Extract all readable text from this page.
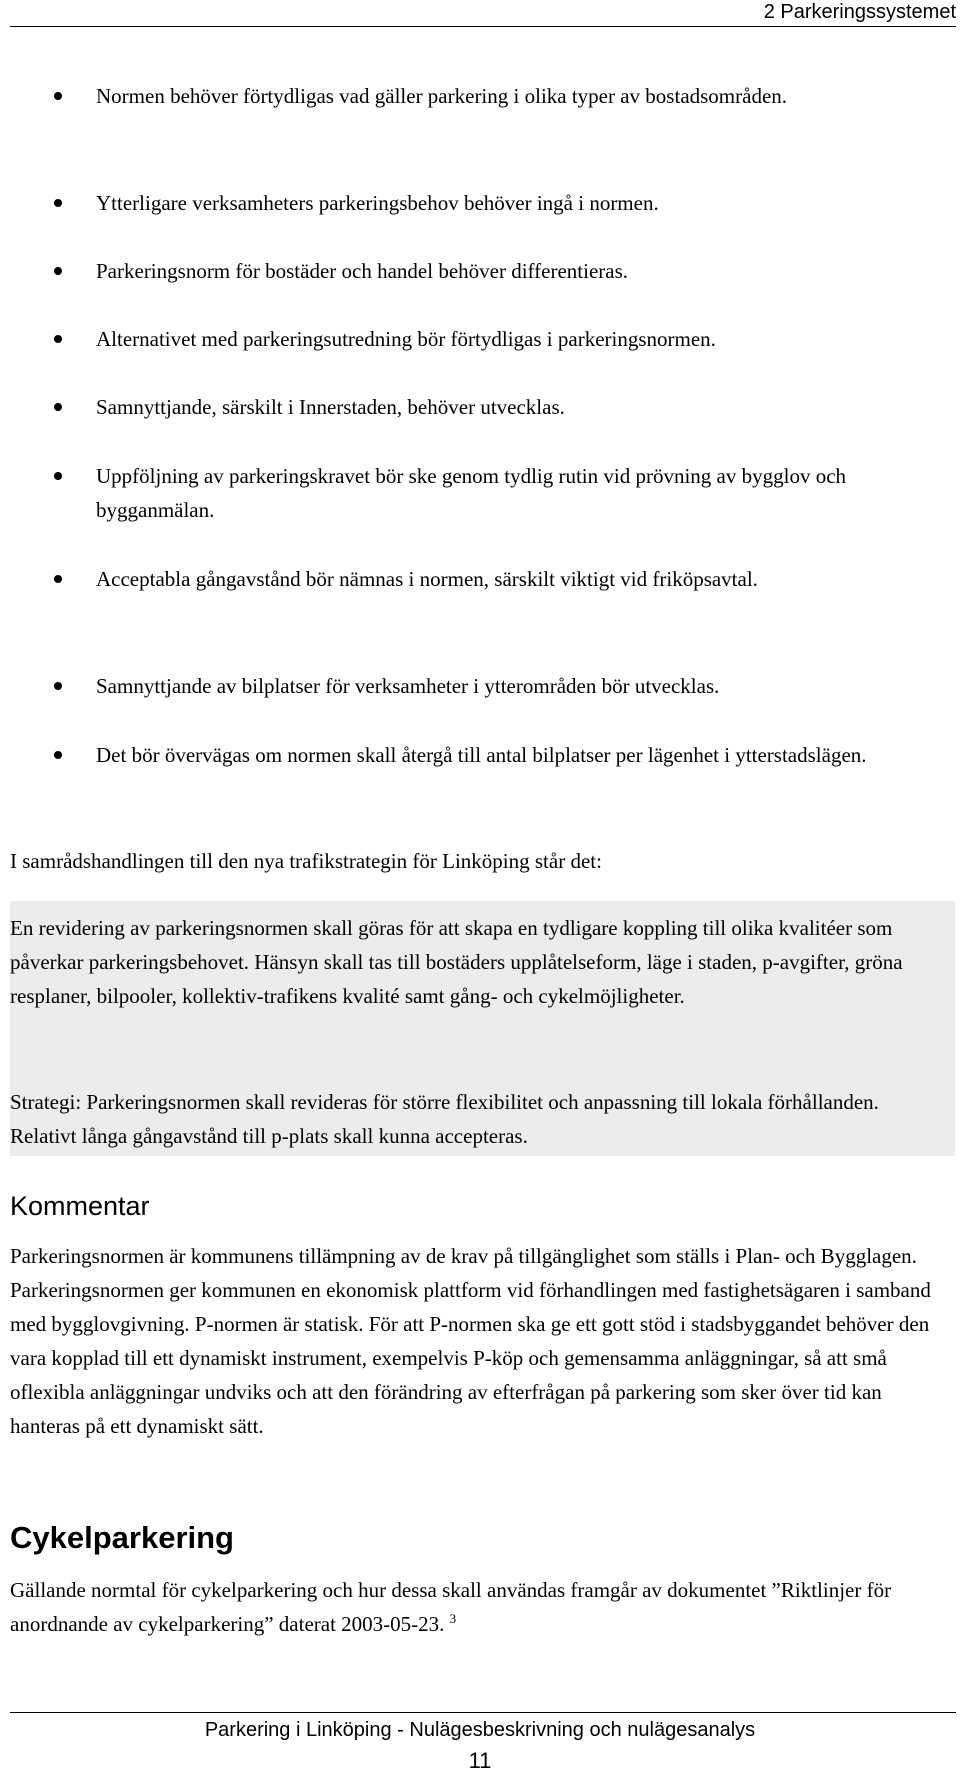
2 Parkeringssystemet
Normen behöver förtydligas vad gäller parkering i olika typer av bostadsområden.
Ytterligare verksamheters parkeringsbehov behöver ingå i normen.
Parkeringsnorm för bostäder och handel behöver differentieras.
Alternativet med parkeringsutredning bör förtydligas i parkeringsnormen.
Samnyttjande, särskilt i Innerstaden, behöver utvecklas.
Uppföljning av parkeringskravet bör ske genom tydlig rutin vid prövning av bygglov och bygganmälan.
Acceptabla gångavstånd bör nämnas i normen, särskilt viktigt vid friköpsavtal.
Samnyttjande av bilplatser för verksamheter i ytterområden bör utvecklas.
Det bör övervägas om normen skall återgå till antal bilplatser per lägenhet i ytterstadslägen.
I samrådshandlingen till den nya trafikstrategin för Linköping står det:
En revidering av parkeringsnormen skall göras för att skapa en tydligare koppling till olika kvalitéer som påverkar parkeringsbehovet. Hänsyn skall tas till bostäders upplåtelseform, läge i staden, p-avgifter, gröna resplaner, bilpooler, kollektiv-trafikens kvalité samt gång- och cykelmöjligheter.
Strategi: Parkeringsnormen skall revideras för större flexibilitet och anpassning till lokala förhållanden. Relativt långa gångavstånd till p-plats skall kunna accepteras.
Kommentar
Parkeringsnormen är kommunens tillämpning av de krav på tillgänglighet som ställs i Plan- och Bygglagen. Parkeringsnormen ger kommunen en ekonomisk plattform vid förhandlingen med fastighetsägaren i samband med bygglovgivning. P-normen är statisk. För att P-normen ska ge ett gott stöd i stadsbyggandet behöver den vara kopplad till ett dynamiskt instrument, exempelvis P-köp och gemensamma anläggningar, så att små oflexibla anläggningar undviks och att den förändring av efterfrågan på parkering som sker över tid kan hanteras på ett dynamiskt sätt.
Cykelparkering
Gällande normtal för cykelparkering och hur dessa skall användas framgår av dokumentet ”Riktlinjer för anordnande av cykelparkering” daterat 2003-05-23. $^3$
Parkering i Linköping - Nulägesbeskrivning och nulägesanalys
11
